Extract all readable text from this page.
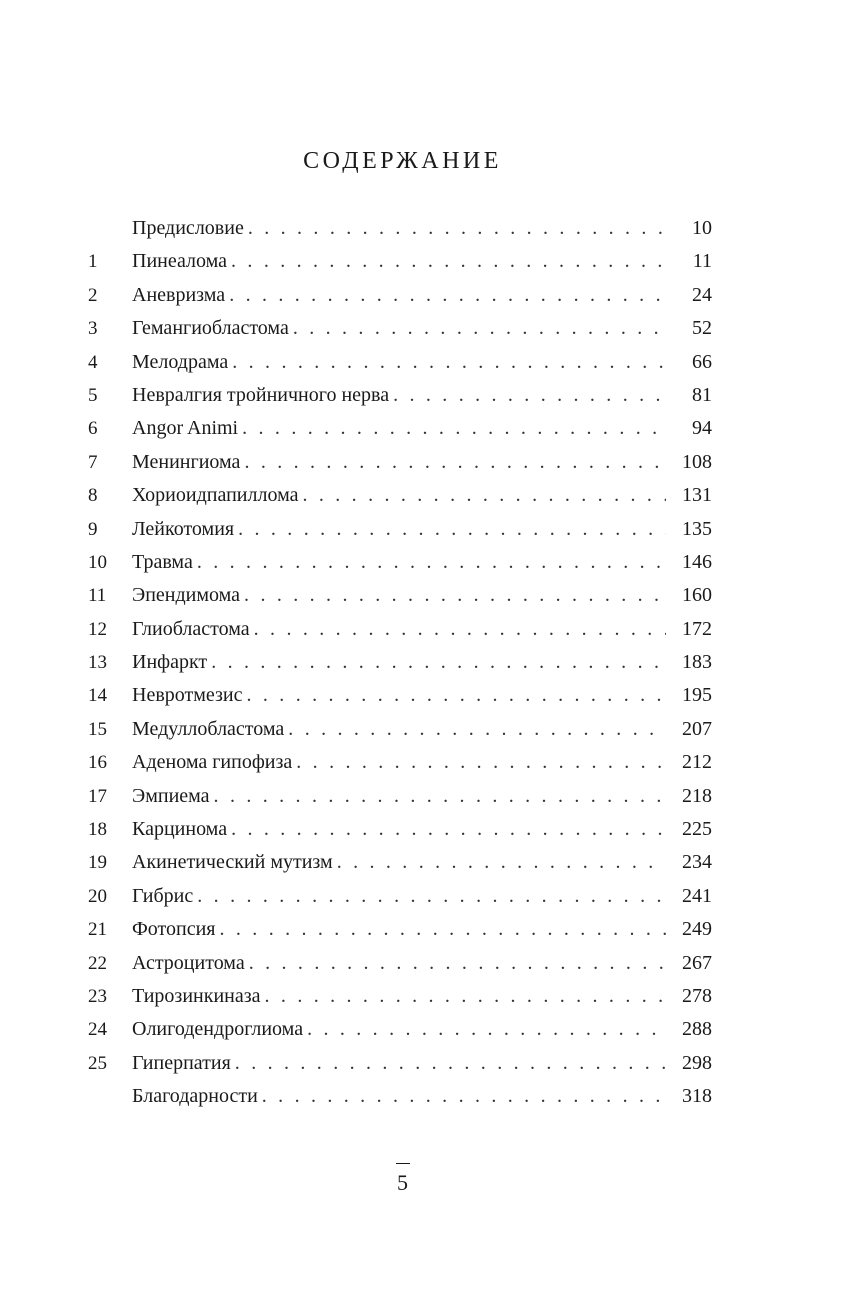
СОДЕРЖАНИЕ
Предисловие . . .	10
1	Пинеалома . . .	11
2	Аневризма . . .	24
3	Гемангиобластома . . .	52
4	Мелодрама . . .	66
5	Невралгия тройничного нерва . . .	81
6	Angor Animi . . .	94
7	Менингиома . . .	108
8	Хориоидпапиллома . . .	131
9	Лейкотомия . . .	135
10	Травма . . .	146
11	Эпендимома . . .	160
12	Глиобластома . . .	172
13	Инфаркт . . .	183
14	Невротмезис . . .	195
15	Медуллобластома . . .	207
16	Аденома гипофиза . . .	212
17	Эмпиема . . .	218
18	Карцинома . . .	225
19	Акинетический мутизм . . .	234
20	Гибрис . . .	241
21	Фотопсия . . .	249
22	Астроцитома . . .	267
23	Тирозинкиназа . . .	278
24	Олигодендроглиома . . .	288
25	Гиперпатия . . .	298
Благодарности . . .	318
5
